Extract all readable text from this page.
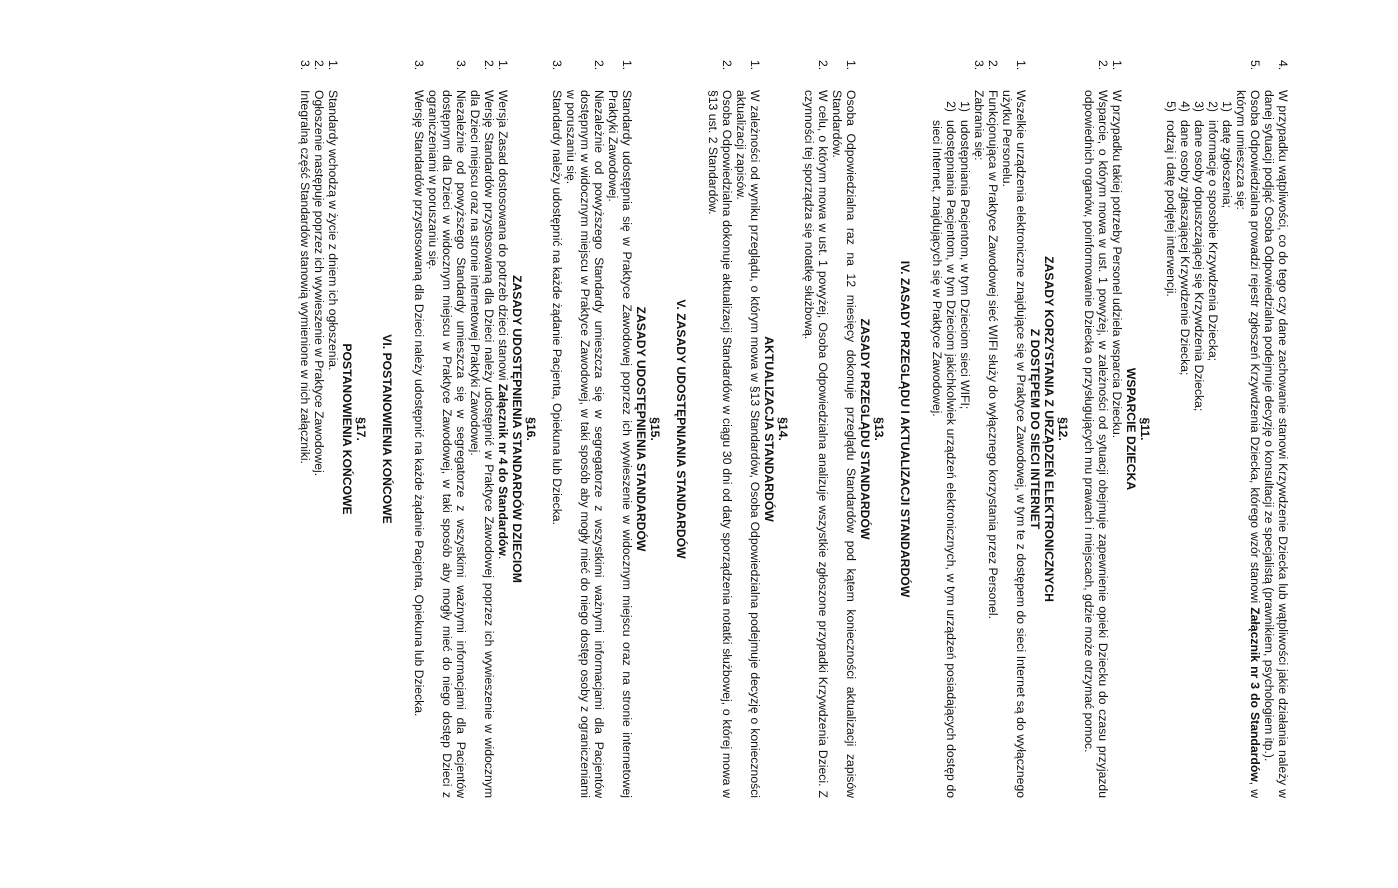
4.
W przypadku wątpliwości, co do tego czy dane zachowanie stanowi Krzywdzenie Dziecka lub wątpliwości jakie działania należy w danej sytuacji podjąć Osoba Odpowiedzialna podejmuje decyzję o konsultacji ze specjalistą (prawnikiem, psychologiem itp.).
5.
Osoba Odpowiedzialna prowadzi rejestr zgłoszeń Krzywdzenia Dziecka, którego wzór stanowi Załącznik nr 3 do Standardów, w którym umieszcza się:
1)
datę zgłoszenia;
2)
informację o sposobie Krzywdzenia Dziecka;
3)
dane osoby dopuszczającej się Krzywdzenia Dziecka;
4)
dane osoby zgłaszającej Krzywdzenie Dziecka;
5)
rodzaj i datę podjętej interwencji.

§11.

WSPARCIE DZIECKA

1.
W przypadku takiej potrzeby Personel udziela wsparcia Dziecku.
2.
Wsparcie, o którym mowa w ust. 1 powyżej, w zależności od sytuacji obejmuje zapewnienie opieki Dziecku do czasu przyjazdu odpowiednich organów, poinformowanie Dziecka o przysługujących mu prawach i miejscach, gdzie może otrzymać pomoc.

§12.

ZASADY KORZYSTANIA Z URZĄDZEŃ ELEKTRONICZNYCH

Z DOSTĘPEM DO SIECI INTERNET

1.
Wszelkie urządzenia elektroniczne znajdujące się w Praktyce Zawodowej, w tym te z dostępem do sieci Internet są do wyłącznego użytku Personelu.
2.
Funkcjonująca w Praktyce Zawodowej sieć WIFI służy do wyłącznego korzystania przez Personel.
3.
Zabrania się:
1)
udostępniania Pacjentom, w tym Dzieciom sieci WIFI;
2)
udostępniania Pacjentom, w tym Dzieciom jakichkolwiek urządzeń elektronicznych, w tym urządzeń posiadających dostęp do sieci Internet, znajdujących się w Praktyce Zawodowej.

IV. ZASADY PRZEGLĄDU I AKTUALIZACJI STANDARDÓW

§13.

ZASADY PRZEGLĄDU STANDARDÓW

1.
Osoba Odpowiedzialna raz na 12 miesięcy dokonuje przeglądu Standardów pod kątem konieczności aktualizacji zapisów Standardów.
2.
W celu, o którym mowa w ust. 1 powyżej, Osoba Odpowiedzialna analizuje wszystkie zgłoszone przypadki Krzywdzenia Dzieci. Z czynności tej sporządza się notatkę służbową.

§14.

AKTUALIZACJA STANDARDÓW

1.
W zależności od wyniku przeglądu, o którym mowa w §13 Standardów, Osoba Odpowiedzialna podejmuje decyzję o konieczności aktualizacji zapisów.
2.
Osoba Odpowiedzialna dokonuje aktualizacji Standardów w ciągu 30 dni od daty sporządzenia notatki służbowej, o której mowa w §13 ust. 2 Standardów.

V. ZASADY UDOSTĘPNIANIA STANDARDÓW

§15.

ZASADY UDOSTĘPNIENIA STANDARDÓW

1.
Standardy udostępnia się w Praktyce Zawodowej poprzez ich wywieszenie w widocznym miejscu oraz na stronie internetowej Praktyki Zawodowej.
2.
Niezależnie od powyższego Standardy umieszcza się w segregatorze z wszystkimi ważnymi informacjami dla Pacjentów dostępnym w widocznym miejscu w Praktyce Zawodowej, w taki sposób aby mogły mieć do niego dostęp osoby z ograniczeniami w poruszaniu się.
3.
Standardy należy udostępnić na każde żądanie Pacjenta, Opiekuna lub Dziecka.

§16.

ZASADY UDOSTĘPNIENIA STANDARDÓW DZIECIOM

1.
Wersja Zasad dostosowana do potrzeb dzieci stanowi Załącznik nr 4 do Standardów.
2.
Wersję Standardów przystosowaną dla Dzieci należy udostępnić w Praktyce Zawodowej poprzez ich wywieszenie w widocznym dla Dzieci miejscu oraz na stronie internetowej Praktyki Zawodowej.
3.
Niezależnie od powyższego Standardy umieszcza się w segregatorze z wszystkimi ważnymi informacjami dla Pacjentów dostępnym dla Dzieci w widocznym miejscu w Praktyce Zawodowej, w taki sposób aby mogły mieć do niego dostęp Dzieci z ograniczeniami w poruszaniu się.
3.
Wersję Standardów przystosowaną dla Dzieci należy udostępnić na każde żądanie Pacjenta, Opiekuna lub Dziecka.

VI. POSTANOWIENIA KOŃCOWE

§17.

POSTANOWIENIA KOŃCOWE

1.
Standardy wchodzą w życie z dniem ich ogłoszenia.
2.
Ogłoszenie następuje poprzez ich wywieszenie w Praktyce Zawodowej.
3.
Integralną część Standardów stanowią wymienione w nich załączniki.
